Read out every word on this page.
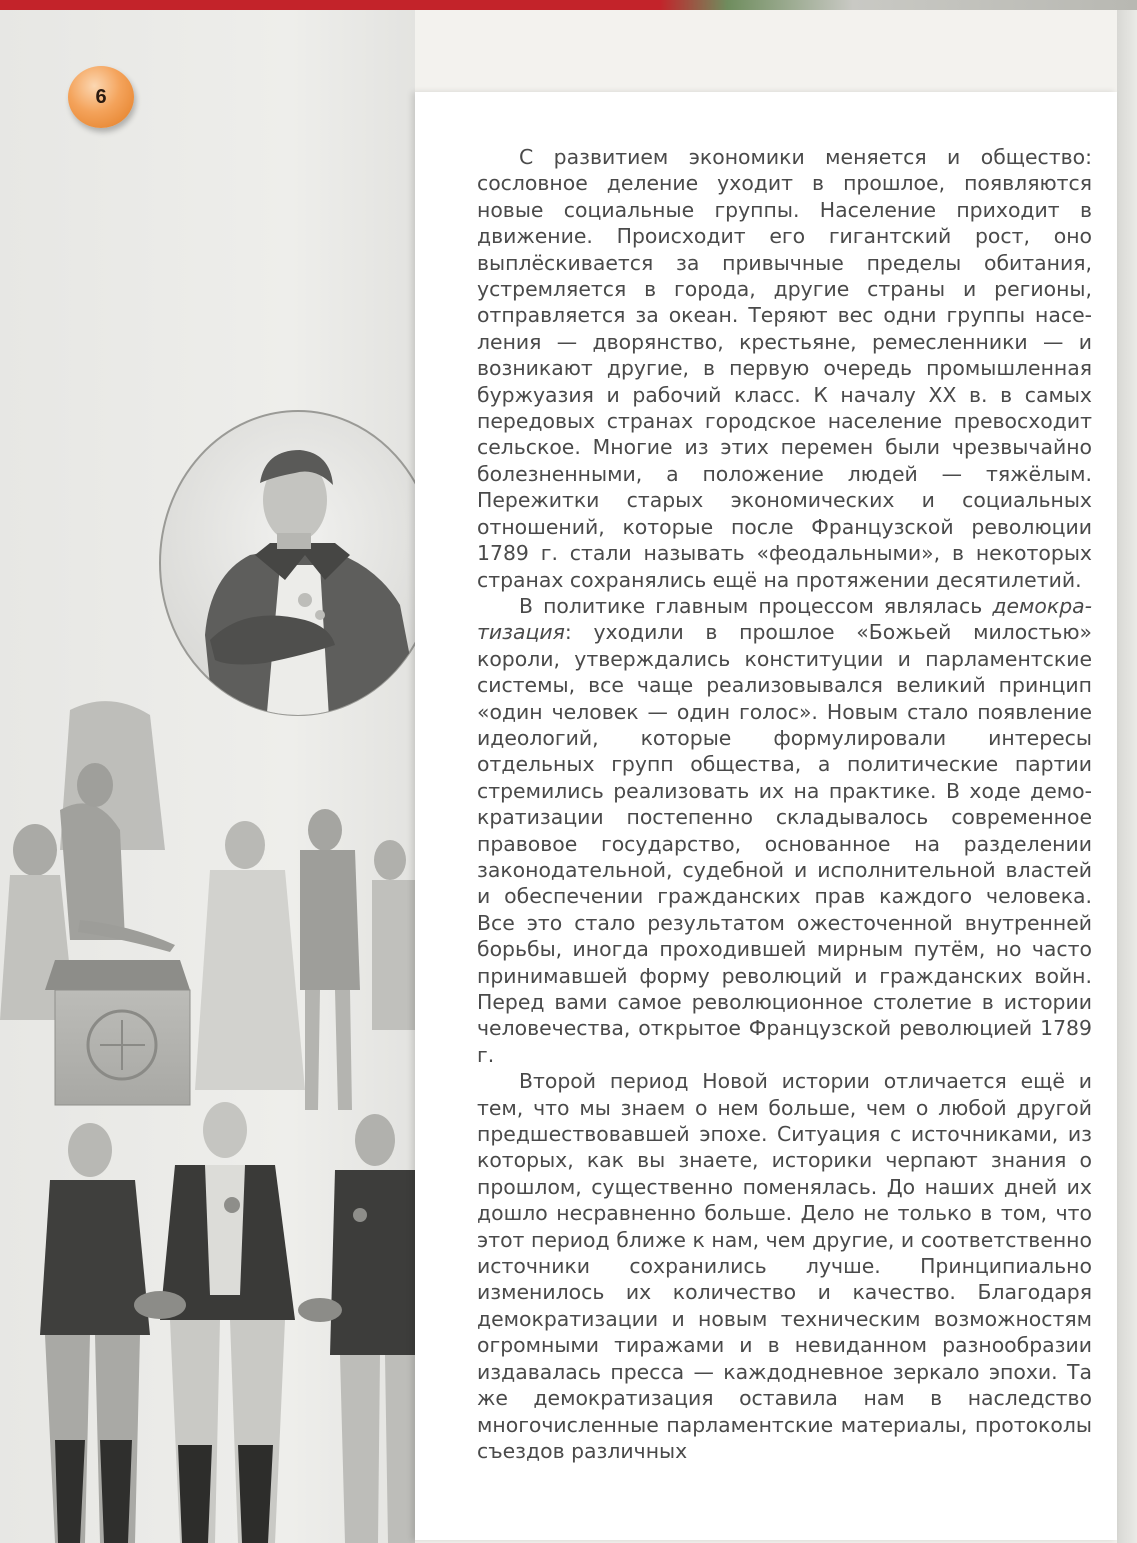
6

С развитием экономики меняется и общество: сословное деление уходит в прошлое, появляются новые социальные группы. Население приходит в движение. Происходит его гигантский рост, оно выплёскивается за привычные пределы обитания, устремляется в города, другие страны и регионы, отправляется за океан. Теряют вес одни группы населения — дворянство, крестьяне, ремесленники — и возникают другие, в первую очередь промышленная буржуазия и рабочий класс. К началу XX в. в самых передовых странах городское население превосходит сельское. Многие из этих перемен были чрезвычайно болезненными, а положение людей — тяжёлым. Пережитки старых экономических и социальных отношений, которые после Французской революции 1789 г. стали называть «феодальными», в некоторых странах сохранялись ещё на протяжении десятилетий.

В политике главным процессом являлась демократизация: уходили в прошлое «Божьей милостью» короли, утверждались конституции и парламентские системы, все чаще реализовывался великий принцип «один человек — один голос». Новым стало появление идеологий, которые формулировали интересы отдельных групп общества, а политические партии стремились реализовать их на практике. В ходе демократизации постепенно складывалось современное правовое государство, основанное на разделении законодательной, судебной и исполнительной властей и обеспечении гражданских прав каждого человека. Все это стало результатом ожесточенной внутренней борьбы, иногда проходившей мирным путём, но часто принимавшей форму революций и гражданских войн. Перед вами самое революционное столетие в истории человечества, открытое Французской революцией 1789 г.

Второй период Новой истории отличается ещё и тем, что мы знаем о нем больше, чем о любой другой предшествовавшей эпохе. Ситуация с источниками, из которых, как вы знаете, историки черпают знания о прошлом, существенно поменялась. До наших дней их дошло несравненно больше. Дело не только в том, что этот период ближе к нам, чем другие, и соответственно источники сохранились лучше. Принципиально изменилось их количество и качество. Благодаря демократизации и новым техническим возможностям огромными тиражами и в невиданном разнообразии издавалась пресса — каждодневное зеркало эпохи. Та же демократизация оставила нам в наследство многочисленные парламентские материалы, протоколы съездов различных
